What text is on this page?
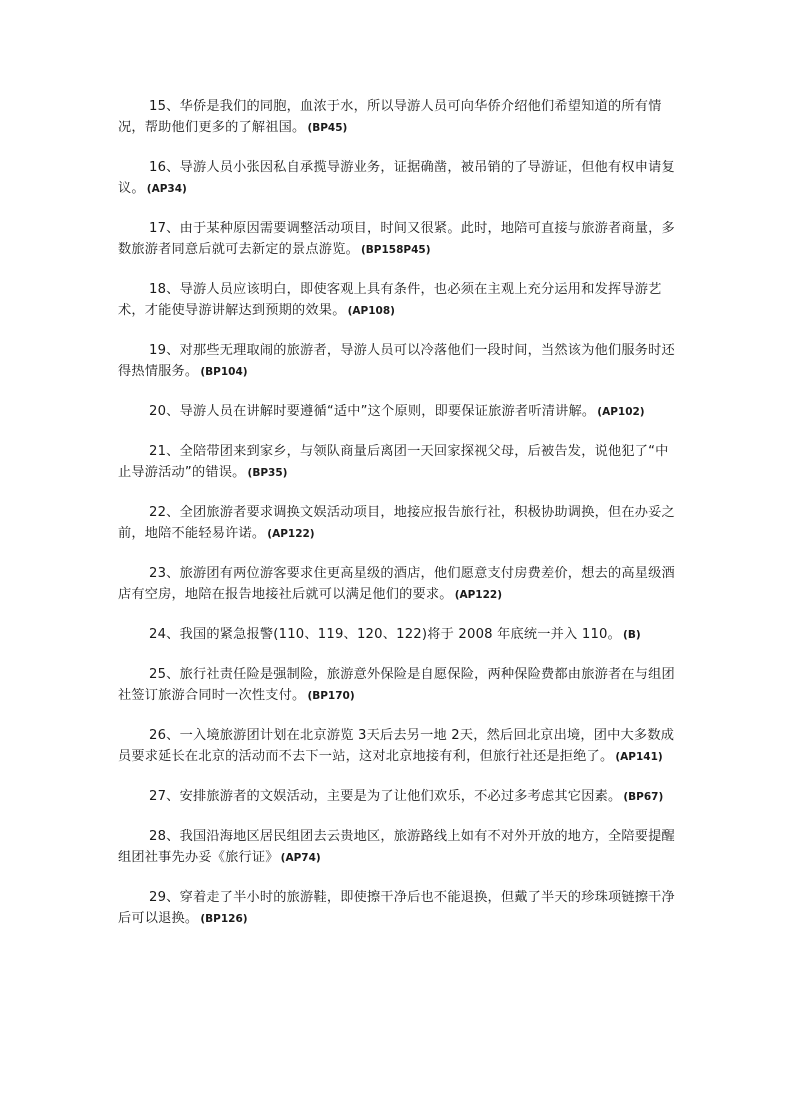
15、华侨是我们的同胞，血浓于水，所以导游人员可向华侨介绍他们希望知道的所有情况，帮助他们更多的了解祖国。 (BP45)

16、导游人员小张因私自承揽导游业务，证据确凿，被吊销的了导游证，但他有权申请复议。 (AP34)

17、由于某种原因需要调整活动项目，时间又很紧。此时，地陪可直接与旅游者商量，多数旅游者同意后就可去新定的景点游览。 (BP158P45)

18、导游人员应该明白，即使客观上具有条件，也必须在主观上充分运用和发挥导游艺术，才能使导游讲解达到预期的效果。 (AP108)

19、对那些无理取闹的旅游者，导游人员可以冷落他们一段时间，当然该为他们服务时还得热情服务。 (BP104)

20、导游人员在讲解时要遵循“适中”这个原则，即要保证旅游者听清讲解。 (AP102)

21、全陪带团来到家乡，与领队商量后离团一天回家探视父母，后被告发，说他犯了“中止导游活动”的错误。 (BP35)

22、全团旅游者要求调换文娱活动项目，地接应报告旅行社，积极协助调换，但在办妥之前，地陪不能轻易许诺。 (AP122)

23、旅游团有两位游客要求住更高星级的酒店，他们愿意支付房费差价，想去的高星级酒店有空房，地陪在报告地接社后就可以满足他们的要求。 (AP122)

24、我国的紧急报警(110、119、120、122)将于 2008 年底统一并入 110。 (B)

25、旅行社责任险是强制险，旅游意外保险是自愿保险，两种保险费都由旅游者在与组团社签订旅游合同时一次性支付。 (BP170)

26、一入境旅游团计划在北京游览 3天后去另一地 2天，然后回北京出境，团中大多数成员要求延长在北京的活动而不去下一站，这对北京地接有利，但旅行社还是拒绝了。 (AP141)

27、安排旅游者的文娱活动，主要是为了让他们欢乐，不必过多考虑其它因素。 (BP67)

28、我国沿海地区居民组团去云贵地区，旅游路线上如有不对外开放的地方，全陪要提醒组团社事先办妥《旅行证》 (AP74)

29、穿着走了半小时的旅游鞋，即使擦干净后也不能退换，但戴了半天的珍珠项链擦干净后可以退换。 (BP126)
